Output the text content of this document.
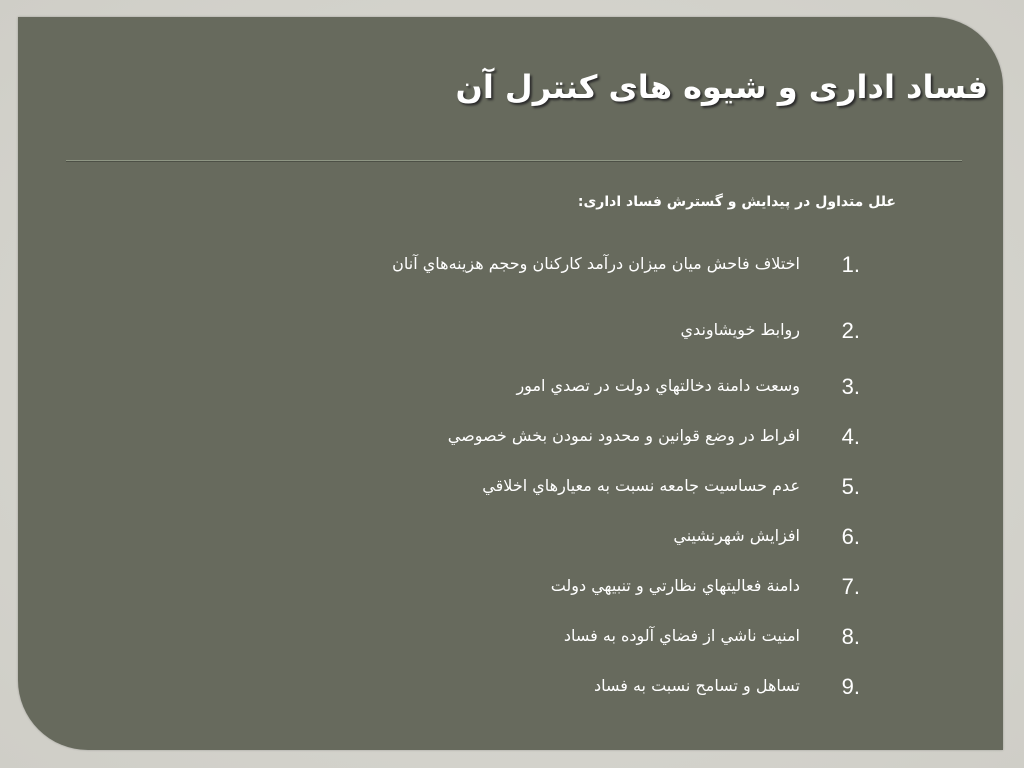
فساد اداری و شیوه های کنترل آن
علل متداول در پیدایش و گسترش فساد اداری:
1.
اختلاف فاحش ميان ميزان درآمد كاركنان وحجم هزينه‌هاي آنان
2.
روابط خويشاوندي
3.
وسعت دامنة دخالتهاي دولت در تصدي امور
4.
افراط در وضع قوانين و محدود نمودن بخش خصوصي
5.
عدم حساسيت جامعه نسبت به معيارهاي اخلاقي
6.
افزايش شهرنشيني
7.
دامنة فعاليتهاي نظارتي و تنبيهي دولت
8.
امنيت ناشي از فضاي آلوده به فساد
9.
تساهل و تسامح نسبت به فساد
